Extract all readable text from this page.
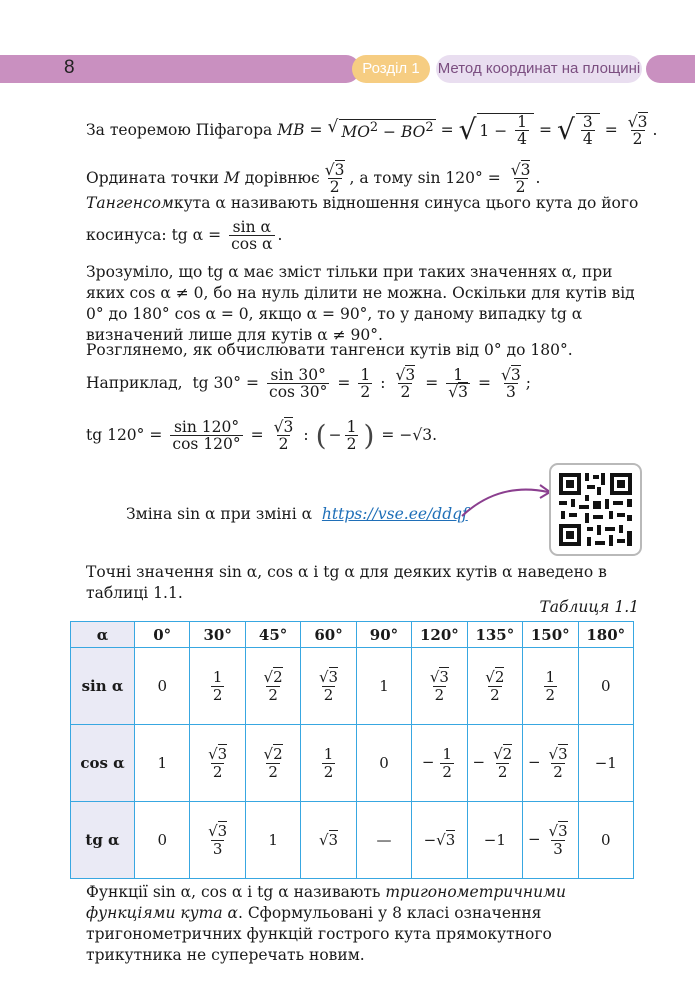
8	Розділ 1	Метод координат на площині
За теоремою Піфагора
MB = √ $MO^2 - BO^2$ = √ 1 − 1
4 = √ $\frac{3}{4} = \frac{√3}{2}$ .
Ордината точки
M
дорівнює √3
2 , а тому
$\sin 120^\circ = \frac{√3}{2}$ .
Тангенсом кута α називають відношення синуса цього кута до його
косинуса:
tg $\alpha = \frac{\text{sin α}}{\text{cos α}}$ .
Зрозуміло, що tg α має зміст тільки при таких значеннях α, при яких cos α ≠ 0, бо на нуль ділити не можна. Оскільки для кутів від 0° до 180° cos α = 0, якщо α = 90°, то у даному випадку tg α визначений лише для кутів α ≠ 90°.
Розглянемо, як обчислювати тангенси кутів від 0° до 180°.
Наприклад,
tg $30^\circ = \frac{\sin 30^\circ}{\cos 30^\circ} = \frac{1}{2}$ : $\frac{√3}{2} = \frac{1}{√3} = \frac{√3}{3}$ ;
tg $120^\circ = \frac{\sin 120^\circ}{\cos 120^\circ} = \frac{√3}{2}$ : ( − $\frac{1}{2}$ ) = −√3.
Зміна sin α при зміні α
https://vse.ee/ddqf
Точні значення sin α, cos α і tg α для деяких кутів α наведено в таблиці 1.1.
Таблиця 1.1
α	0°	30°	45°	60°	90°	120°	135°	150°	180°
sin α	0	$\frac{1}{2}$	$\frac{√2}{2}$	$\frac{√3}{2}$	1	$\frac{√3}{2}$	$\frac{√2}{2}$	$\frac{1}{2}$	0
cos α	1	$\frac{√3}{2}$	$\frac{√2}{2}$	$\frac{1}{2}$	0	− $\frac{1}{2}$	− $\frac{√2}{2}$	− $\frac{√3}{2}$	−1
tg α	0	$\frac{√3}{3}$	1	√3	—	−√3	−1	− $\frac{√3}{3}$	0
Функції sin α, cos α і tg α називають тригонометричними функціями кута α. Сформульовані у 8 класі означення тригонометричних функцій гострого кута прямокутного трикутника не суперечать новим.
